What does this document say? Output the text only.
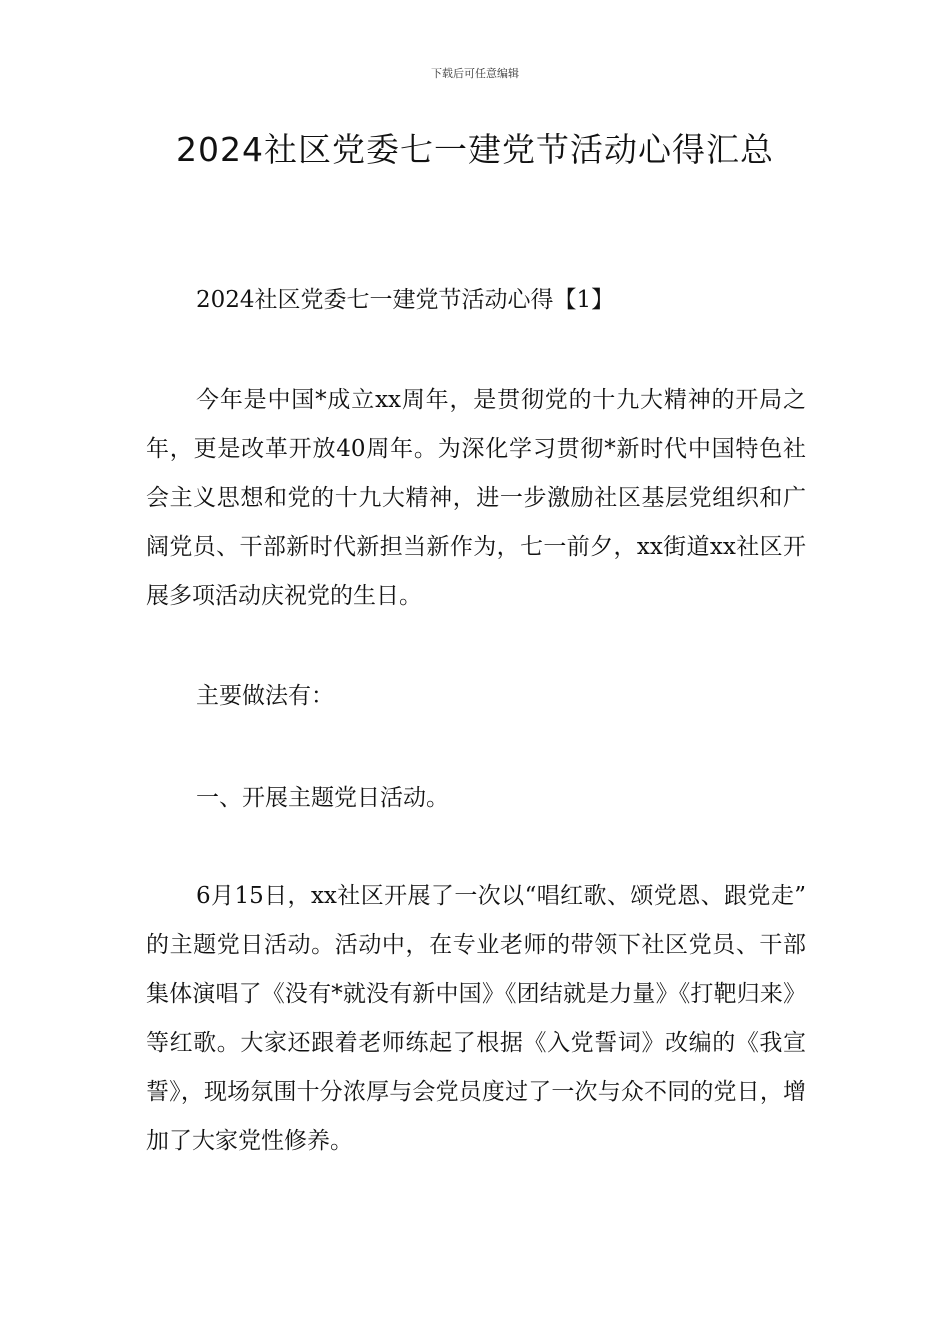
下载后可任意编辑
2024社区党委七一建党节活动心得汇总

2024社区党委七一建党节活动心得【1】

今年是中国*成立xx周年，是贯彻党的十九大精神的开局之年，更是改革开放40周年。为深化学习贯彻*新时代中国特色社会主义思想和党的十九大精神，进一步激励社区基层党组织和广阔党员、干部新时代新担当新作为，七一前夕，xx街道xx社区开展多项活动庆祝党的生日。

主要做法有：

一、开展主题党日活动。

6月15日，xx社区开展了一次以“唱红歌、颂党恩、跟党走”的主题党日活动。活动中，在专业老师的带领下社区党员、干部集体演唱了《没有*就没有新中国》《团结就是力量》《打靶归来》等红歌。大家还跟着老师练起了根据《入党誓词》改编的《我宣誓》，现场氛围十分浓厚与会党员度过了一次与众不同的党日，增加了大家党性修养。
